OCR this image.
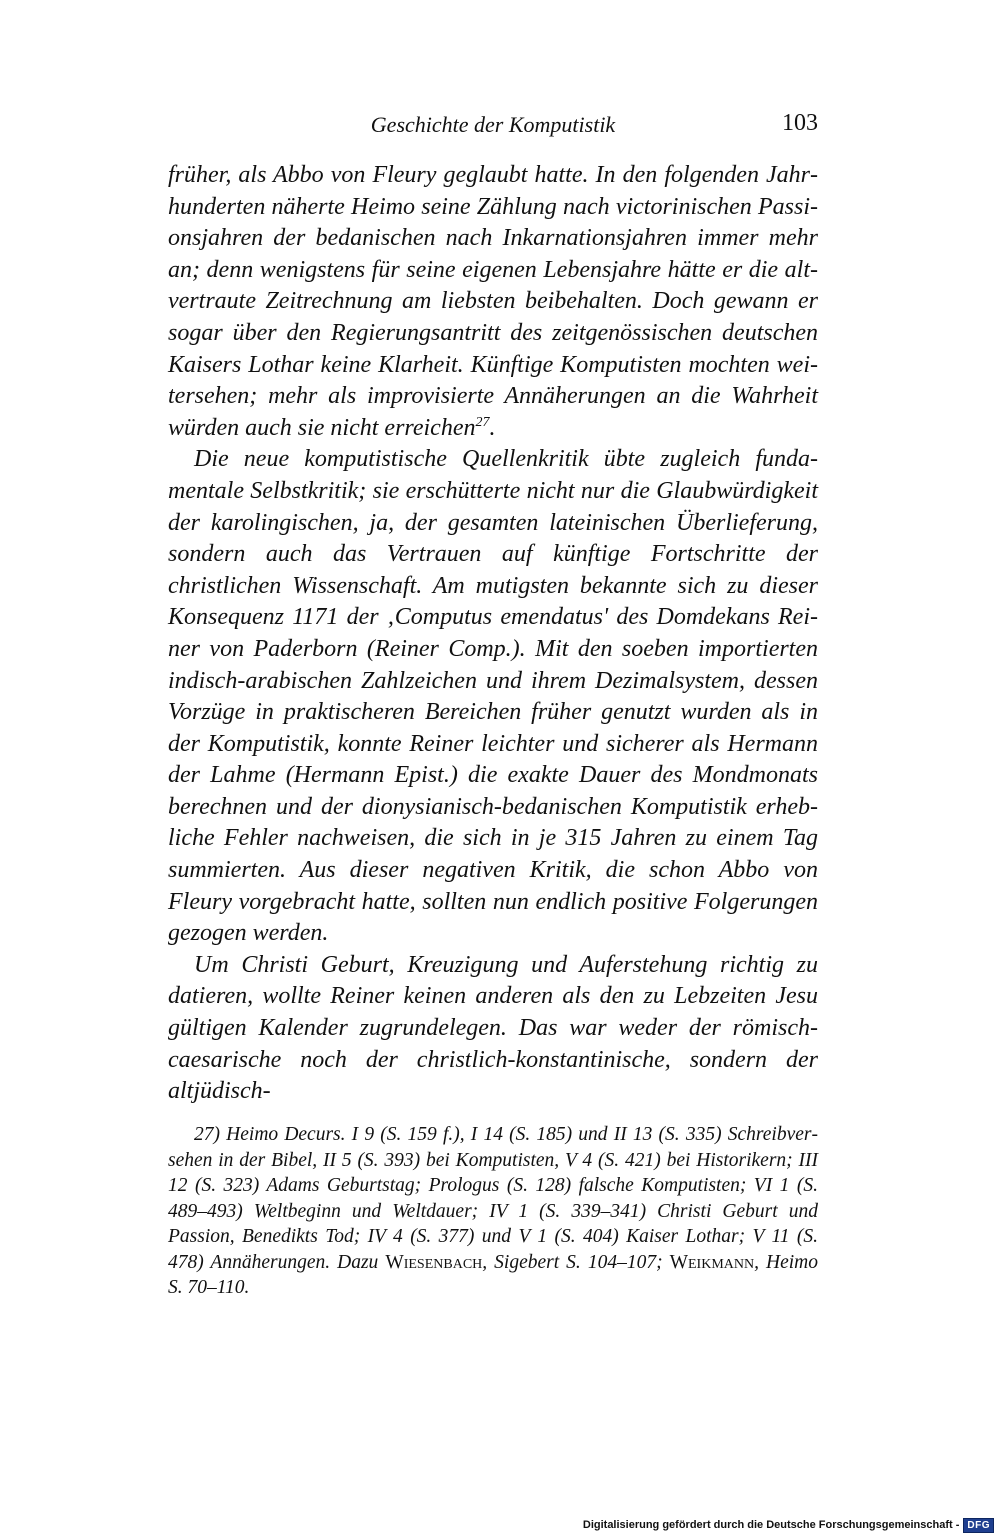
Geschichte der Komputistik	103

früher, als Abbo von Fleury geglaubt hatte. In den folgenden Jahrhunderten näherte Heimo seine Zählung nach victorinischen Passionsjahren der bedanischen nach Inkarnationsjahren immer mehr an; denn wenigstens für seine eigenen Lebensjahre hätte er die altvertraute Zeitrechnung am liebsten beibehalten. Doch gewann er sogar über den Regierungsantritt des zeitgenössischen deutschen Kaisers Lothar keine Klarheit. Künftige Komputisten mochten weitersehen; mehr als improvisierte Annäherungen an die Wahrheit würden auch sie nicht erreichen$^{27}$.

Die neue komputistische Quellenkritik übte zugleich fundamentale Selbstkritik; sie erschütterte nicht nur die Glaubwürdigkeit der karolingischen, ja, der gesamten lateinischen Überlieferung, sondern auch das Vertrauen auf künftige Fortschritte der christlichen Wissenschaft. Am mutigsten bekannte sich zu dieser Konsequenz 1171 der ‚Computus emendatus' des Domdekans Reiner von Paderborn (Reiner Comp.). Mit den soeben importierten indisch-arabischen Zahlzeichen und ihrem Dezimalsystem, dessen Vorzüge in praktischeren Bereichen früher genutzt wurden als in der Komputistik, konnte Reiner leichter und sicherer als Hermann der Lahme (Hermann Epist.) die exakte Dauer des Mondmonats berechnen und der dionysianisch-bedanischen Komputistik erhebliche Fehler nachweisen, die sich in je 315 Jahren zu einem Tag summierten. Aus dieser negativen Kritik, die schon Abbo von Fleury vorgebracht hatte, sollten nun endlich positive Folgerungen gezogen werden.

Um Christi Geburt, Kreuzigung und Auferstehung richtig zu datieren, wollte Reiner keinen anderen als den zu Lebzeiten Jesu gültigen Kalender zugrundelegen. Das war weder der römisch-caesarische noch der christlich-konstantinische, sondern der altjüdisch-

27) Heimo Decurs. I 9 (S. 159 f.), I 14 (S. 185) und II 13 (S. 335) Schreibversehen in der Bibel, II 5 (S. 393) bei Komputisten, V 4 (S. 421) bei Historikern; III 12 (S. 323) Adams Geburtstag; Prologus (S. 128) falsche Komputisten; VI 1 (S. 489–493) Weltbeginn und Weltdauer; IV 1 (S. 339–341) Christi Geburt und Passion, Benedikts Tod; IV 4 (S. 377) und V 1 (S. 404) Kaiser Lothar; V 11 (S. 478) Annäherungen. Dazu Wiesenbach, Sigebert S. 104–107; Weikmann, Heimo S. 70–110.

Digitalisierung gefördert durch die Deutsche Forschungsgemeinschaft - DFG
